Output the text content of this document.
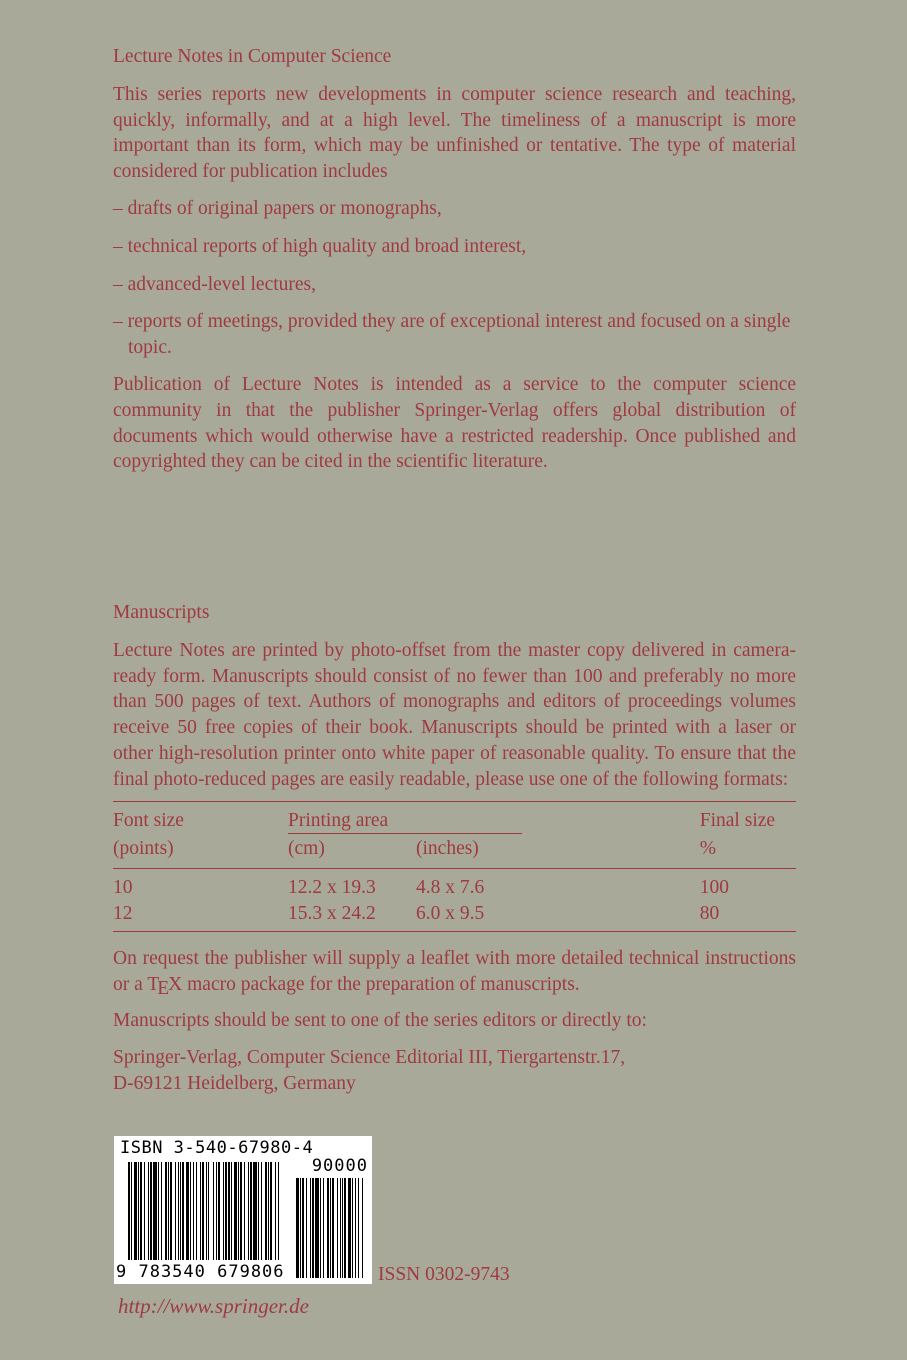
Lecture Notes in Computer Science

This series reports new developments in computer science research and teaching, quickly, informally, and at a high level. The timeliness of a manuscript is more important than its form, which may be unfinished or tentative. The type of material considered for publication includes

– drafts of original papers or monographs,
– technical reports of high quality and broad interest,
– advanced-level lectures,
– reports of meetings, provided they are of exceptional interest and focused on a single topic.

Publication of Lecture Notes is intended as a service to the computer science community in that the publisher Springer-Verlag offers global distribution of documents which would otherwise have a restricted readership. Once published and copyrighted they can be cited in the scientific literature.

Manuscripts

Lecture Notes are printed by photo-offset from the master copy delivered in camera-ready form. Manuscripts should consist of no fewer than 100 and preferably no more than 500 pages of text. Authors of monographs and editors of proceedings volumes receive 50 free copies of their book. Manuscripts should be printed with a laser or other high-resolution printer onto white paper of reasonable quality. To ensure that the final photo-reduced pages are easily readable, please use one of the following formats:

Font size	Printing area		Final size
(points)	(cm)	(inches)	%
10	12.2 x 19.3	4.8 x 7.6	100
12	15.3 x 24.2	6.0 x 9.5	80

On request the publisher will supply a leaflet with more detailed technical instructions or a TEX macro package for the preparation of manuscripts.

Manuscripts should be sent to one of the series editors or directly to:

Springer-Verlag, Computer Science Editorial III, Tiergartenstr.17,
D-69121 Heidelberg, Germany
ISBN 3-540-67980-4
90000
9 783540 679806	ISSN 0302-9743
http://www.springer.de
